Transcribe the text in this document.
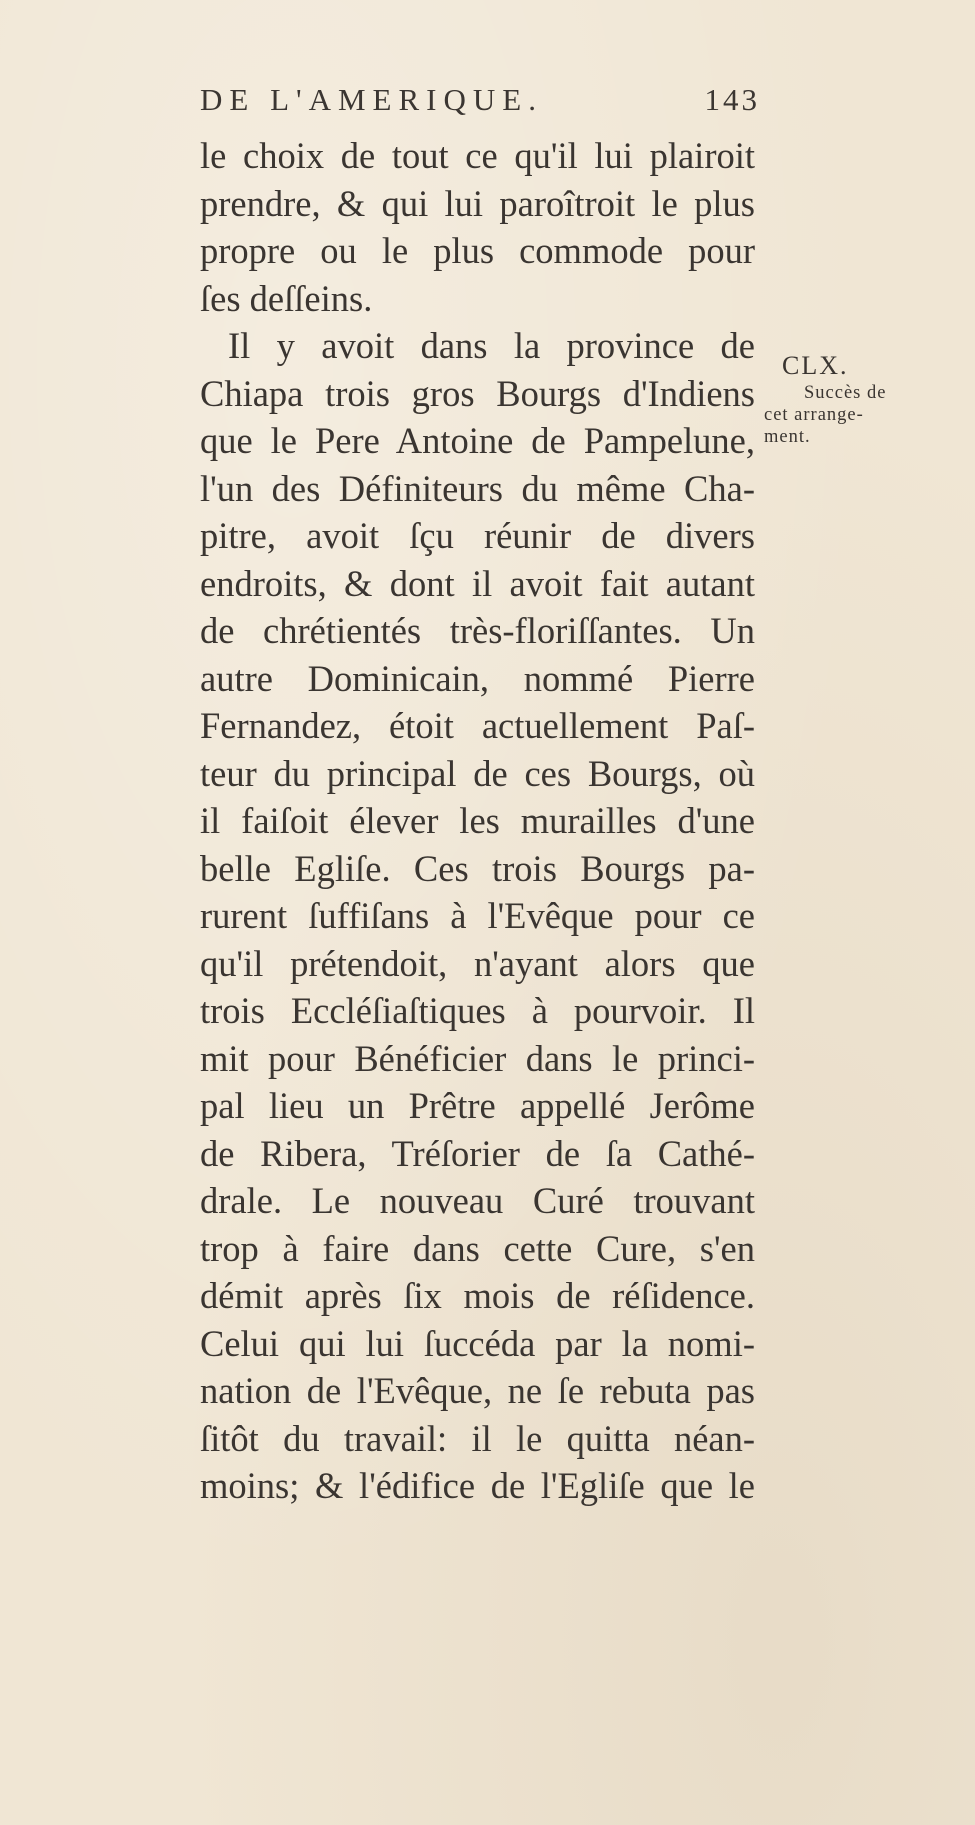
DE L'AMERIQUE.	143
le choix de tout ce qu'il lui plairoit
prendre, & qui lui paroîtroit le plus
propre ou le plus commode pour
ſes deſſeins.
Il y avoit dans la province de
Chiapa trois gros Bourgs d'Indiens
que le Pere Antoine de Pampelune,
l'un des Définiteurs du même Cha-
pitre, avoit ſçu réunir de divers
endroits, & dont il avoit fait autant
de chrétientés très-floriſſantes. Un
autre Dominicain, nommé Pierre
Fernandez, étoit actuellement Paſ-
teur du principal de ces Bourgs, où
il faiſoit élever les murailles d'une
belle Egliſe. Ces trois Bourgs pa-
rurent ſuffiſans à l'Evêque pour ce
qu'il prétendoit, n'ayant alors que
trois Eccléſiaſtiques à pourvoir. Il
mit pour Bénéficier dans le princi-
pal lieu un Prêtre appellé Jerôme
de Ribera, Tréſorier de ſa Cathé-
drale. Le nouveau Curé trouvant
trop à faire dans cette Cure, s'en
démit après ſix mois de réſidence.
Celui qui lui ſuccéda par la nomi-
nation de l'Evêque, ne ſe rebuta pas
ſitôt du travail: il le quitta néan-
moins; & l'édifice de l'Egliſe que le
CLX.
Succès de
cet arrange-
ment.
